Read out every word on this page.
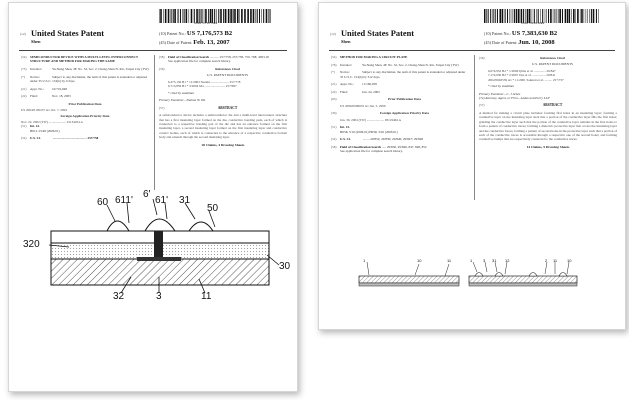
US007176573B2
(12) United States Patent
Shen
(10) Patent No.: US 7,176,573 B2
(45) Date of Patent: Feb. 13, 2007
(54) SEMICONDUCTOR DEVICE WITH A MULTI-LEVEL INTERCONNECT STRUCTURE AND METHOD FOR MAKING THE SAME
(75) Inventor:	Yu-Nung Shen, 4F, No. 52, Sec. 2, Cheng-Shan N. Rd., Taipei City (TW)
(*) Notice:	Subject to any disclaimer, the term of this patent is extended or adjusted under 35 U.S.C. 154(b) by 0 days.
(21) Appl. No.: 10/716,948
(22) Filed:	Nov. 18, 2003
Prior Publication Data
US 2004/0195237 A1 Oct. 7, 2004
Foreign Application Priority Data
Nov. 22, 2002 (TW) ..................... 91134454 A
(51) Int. Cl.
H01L 23/48 (2006.01)
(52) U.S. Cl.	......................................... 257/758
(58) Field of Classification Search ........... 257/758, 257/738, 750, 768; 438/118
See application file for complete search history.
(56)	References Cited
U.S. PATENT DOCUMENTS
6,475,156 B1 * 11/2002 Suzuki ...................... 257/778
6,713,859 B1 * 3/2004 Ma ......................... 257/687
* cited by examiner
Primary Examiner—Nathan W. Ha
(57)	ABSTRACT
A semiconductor device includes a semiconductor die and a multi-level interconnect structure that has a first insulating layer formed on the die, conductive bonding pads, each of which is connected to a respective bonding pad of the die and has an entrance formed on the first insulating layer, a second insulating layer formed on the first insulating layer and conductive contact bodies, each of which is connected to the entrance of a respective conductive bottom body and extends through the second insulating layer.
20 Claims, 4 Drawing Sheets
60 611'
6'
61' 31
50
320
30
32	3	11
US007383630B2
(12) United States Patent
Shen
(10) Patent No.: US 7,383,630 B2
(45) Date of Patent: Jun. 10, 2008
(54) METHOD FOR MAKING A CIRCUIT PLATE
(76) Inventor:	Yu-Nung Shen, 4F, No. 52, Sec. 2, Cheng-Shan N. Rd., Taipei City (TW)
(*) Notice:	Subject to any disclaimer, the term of this patent is extended or adjusted under 35 U.S.C. 154(b) by 312 days.
(21) Appl. No.: 11/166,058
(22) Filed:	Jun. 24, 2005
(65)	Prior Publication Data
US 2006/0000635 A1 Jan. 5, 2006
(30)	Foreign Application Priority Data
Jun. 30, 2004 (TW) ..................... 93119464 A
(51) Int. Cl.
H05K 3/10 (2006.01) H05K 3/02 (2006.01)
(52) U.S. Cl.	........ 29/852; 29/830; 29/846; 29/847; 29/848
(58) Field of Classification Search ..... 29/830, 29/846, 847, 848, 852
See application file for complete search history.
(56)	References Cited
U.S. PATENT DOCUMENTS
6,074,952 B2 * 1/2006 Ijima et al. .............. 29/847
7,174,630 B2 * 2/2007 Das et al. ................ 29/841
2002/0040539 A1 * 11/2001 Sakurai et al. ......... 257/737
* cited by examiner
Primary Examiner—C. J Arbes
(74) Attorney, Agent, or Firm—Ladas and Parry LLP
(57)	ABSTRACT
A method for making a circuit plate includes: forming first holes in an insulating layer; forming a conductive layer on the insulating layer such that a portion of the conductive layer fills the first holes; grinding the conductive layer such that the portion of the conductive layer remains in the first holes to form a pattern of conductive traces; forming a dielectric protective layer that covers the insulating layer and the conductive traces; forming a pattern of second holes in the protective layer such that a portion of each of the conductive traces is accessible through a respective one of the second holes; and forming conductive bumps that are respectively connected to the conductive traces.
14 Claims, 5 Drawing Sheets
1	10	11	1	3 31 12	2 11 10
